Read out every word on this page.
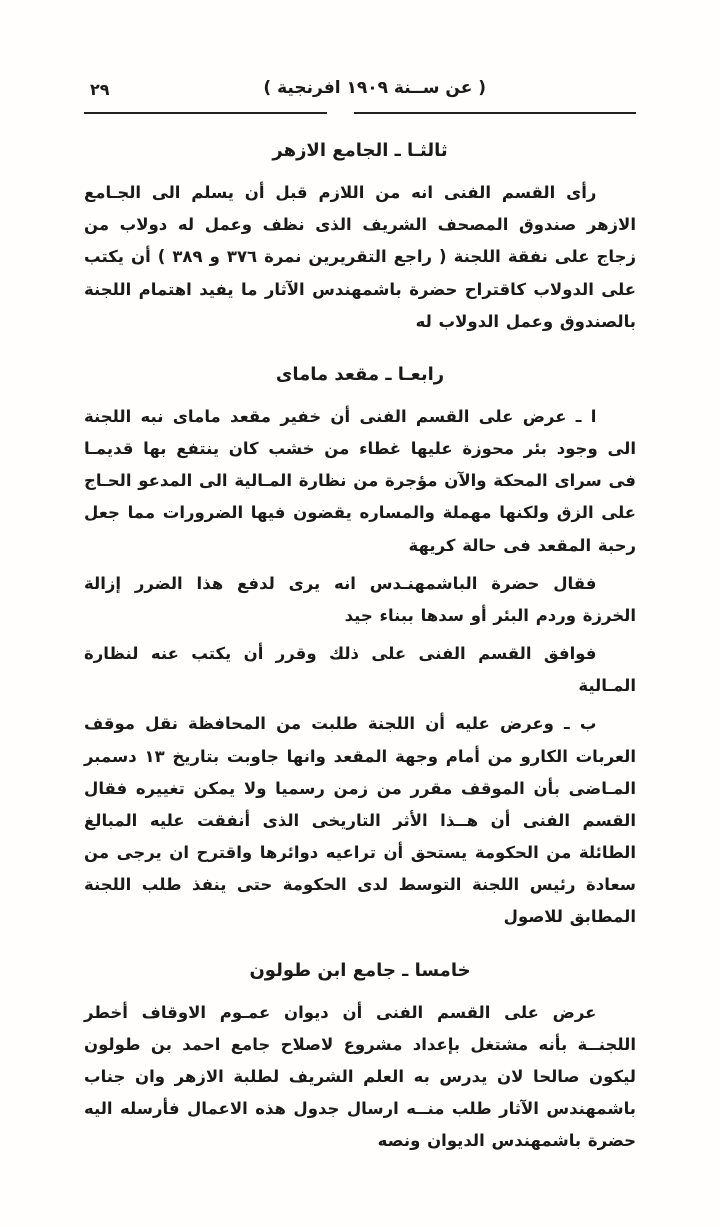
٢٩	( عن ســنة ١٩٠٩ افرنجية )
ثالثـا ـ الجامع الازهر

رأى القسم الفنى انه من اللازم قبل أن يسلم الى الجـامع الازهر صندوق المصحف الشريف الذى نظف وعمل له دولاب من زجاج على نفقة اللجنة ( راجع التقريرين نمرة ٣٧٦ و ٣٨٩ ) أن يكتب على الدولاب كاقتراح حضرة باشمهندس الآثار ما يفيد اهتمام اللجنة بالصندوق وعمل الدولاب له

رابعـا ـ مقعد ماماى

ا ـ عرض على القسم الفنى أن خفير مقعد ماماى نبه اللجنة الى وجود بئر محوزة عليها غطاء من خشب كان ينتفع بها قديمـا فى سراى المحكة والآن مؤجرة من نظارة المـالية الى المدعو الحـاج على الزق ولكنها مهملة والمساره يقضون فيها الضرورات مما جعل رحبة المقعد فى حالة كريهة

فقال حضرة الباشمهنـدس انه يرى لدفع هذا الضرر إزالة الخرزة وردم البئر أو سدها ببناء جيد

فوافق القسم الفنى على ذلك وقرر أن يكتب عنه لنظارة المـالية

ب ـ وعرض عليه أن اللجنة طلبت من المحافظة نقل موقف العربات الكارو من أمام وجهة المقعد وانها جاوبت بتاريخ ١٣ دسمبر المـاضى بأن الموقف مقرر من زمن رسميا ولا يمكن تغييره فقال القسم الفنى أن هــذا الأثر التاريخى الذى أنفقت عليه المبالغ الطائلة من الحكومة يستحق أن تراعيه دوائرها واقترح ان يرجى من سعادة رئيس اللجنة التوسط لدى الحكومة حتى ينفذ طلب اللجنة المطابق للاصول

خامسا ـ جامع ابن طولون

عرض على القسم الفنى أن ديوان عمـوم الاوقاف أخطر اللجنــة بأنه مشتغل بإعداد مشروع لاصلاح جامع احمد بن طولون ليكون صالحا لان يدرس به العلم الشريف لطلبة الازهر وان جناب باشمهندس الآثار طلب منــه ارسال جدول هذه الاعمال فأرسله اليه حضرة باشمهندس الديوان ونصه
